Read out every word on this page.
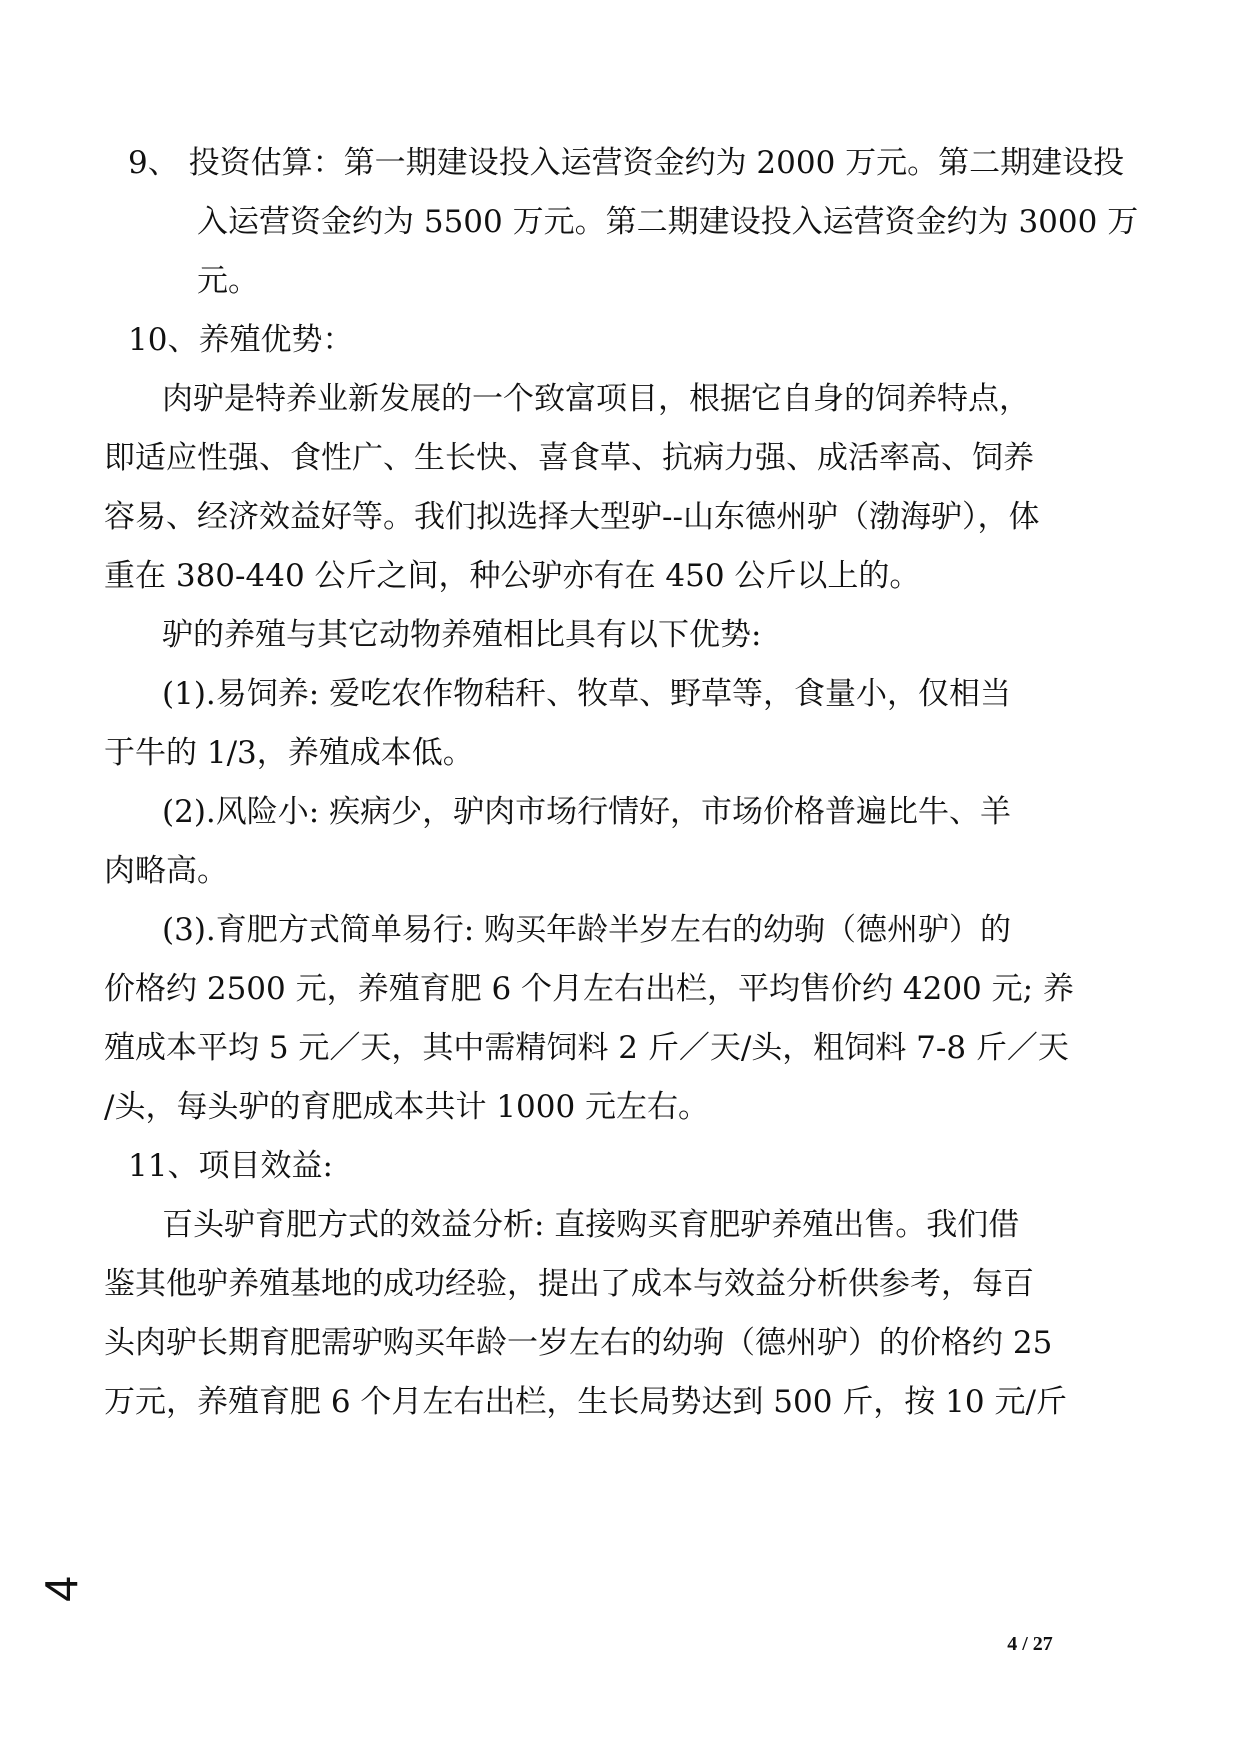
9、 投资估算：第一期建设投入运营资金约为 2000 万元。第二期建设投

入运营资金约为 5500 万元。第二期建设投入运营资金约为 3000 万

元。

10、养殖优势：

肉驴是特养业新发展的一个致富项目，根据它自身的饲养特点，

即适应性强、食性广、生长快、喜食草、抗病力强、成活率高、饲养

容易、经济效益好等。我们拟选择大型驴--山东德州驴（渤海驴），体

重在 380-440 公斤之间，种公驴亦有在 450 公斤以上的。

驴的养殖与其它动物养殖相比具有以下优势:

(1).易饲养: 爱吃农作物秸秆、牧草、野草等，食量小，仅相当

于牛的 1/3，养殖成本低。

(2).风险小: 疾病少，驴肉市场行情好，市场价格普遍比牛、羊

肉略高。

(3).育肥方式简单易行: 购买年龄半岁左右的幼驹（德州驴）的

价格约 2500 元，养殖育肥 6 个月左右出栏，平均售价约 4200 元; 养

殖成本平均 5 元／天，其中需精饲料 2 斤／天/头，粗饲料 7-8 斤／天

/头，每头驴的育肥成本共计 1000 元左右。

11、项目效益:

百头驴育肥方式的效益分析: 直接购买育肥驴养殖出售。我们借

鉴其他驴养殖基地的成功经验，提出了成本与效益分析供参考，每百

头肉驴长期育肥需驴购买年龄一岁左右的幼驹（德州驴）的价格约 25

万元，养殖育肥 6 个月左右出栏，生长局势达到 500 斤，按 10 元/斤

4
4 / 27
